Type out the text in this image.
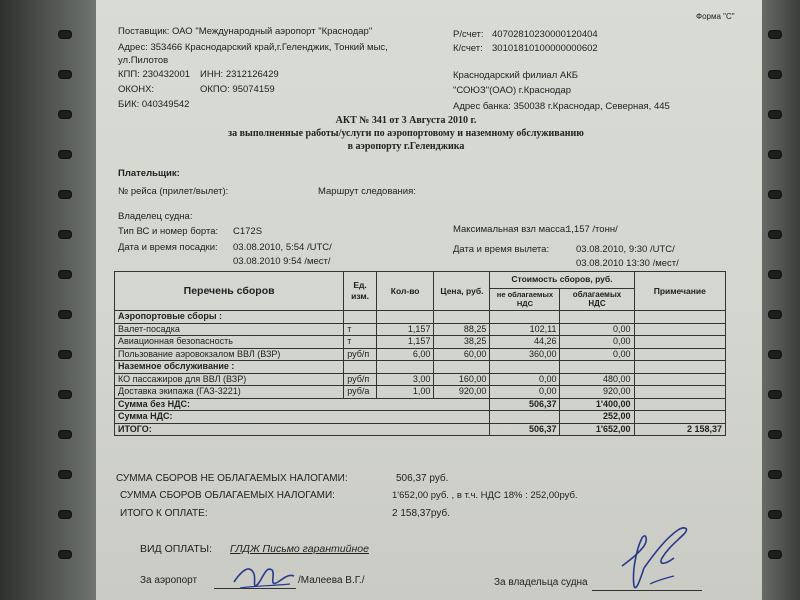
Форма "С"
Поставщик: ОАО "Международный аэропорт "Краснодар"
Адрес: 353466 Краснодарский край,г.Геленджик, Тонкий мыс,
ул.Пилотов
КПП: 230432001 ИНН: 2312126429
ОКОНХ:	ОКПО: 95074159
БИК: 040349542
Р/счет: 40702810230000120404
К/счет: 30101810100000000602
Краснодарский филиал АКБ
"СОЮЗ"(ОАО) г.Краснодар
Адрес банка: 350038 г.Краснодар, Северная, 445
АКТ № 341 от 3 Августа 2010 г.
за выполненные работы/услуги по аэропортовому и наземному обслуживанию
в аэропорту г.Геленджика
Плательщик:
№ рейса (прилет/вылет):	Маршрут следования:
Владелец судна:
Тип ВС и номер борта: C172S
Дата и время посадки: 03.08.2010, 5:54 /UTC/
03.08.2010 9:54 /мест/
Максимальная взл масса:
1,157 /тонн/
Дата и время вылета:	03.08.2010, 9:30 /UTC/
03.08.2010 13:30 /мест/
Перечень сборов	Ед. изм.	Кол-во	Цена, руб.	Стоимость сборов, руб.		Примечание
				не облагаемых НДС	облагаемых НДС	
Аэропортовые сборы :						
Валет-посадка	т	1,157	88,25	102,11	0,00	
Авиационная безопасность	т	1,157	38,25	44,26	0,00	
Пользование аэровокзалом ВВЛ (ВЗР)	руб/п	6,00	60,00	360,00	0,00	
Наземное обслуживание :						
КО пассажиров для ВВЛ (ВЗР)	руб/п	3,00	160,00	0,00	480,00	
Доставка экипажа (ГАЗ-3221)	руб/а	1,00	920,00	0,00	920,00	
Сумма без НДС:				506,37	1'400,00	
Сумма НДС:					252,00	
ИТОГО:				506,37	1'652,00	2 158,37
СУММА СБОРОВ НЕ ОБЛАГАЕМЫХ НАЛОГАМИ:	506,37 руб.
СУММА СБОРОВ ОБЛАГАЕМЫХ НАЛОГАМИ:	1'652,00 руб. , в т.ч. НДС 18% : 252,00руб.
ИТОГО К ОПЛАТЕ:	2 158,37руб.
ВИД ОПЛАТЫ: ГЛДЖ Письмо гарантийное
За аэропорт	/Малеева В.Г./	За владельца судна
